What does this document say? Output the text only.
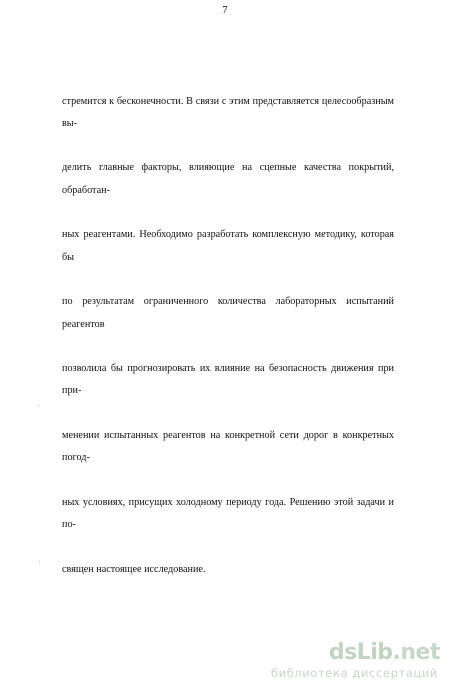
7

стремится к бесконечности. В связи с этим представляется целесообразным вы-

делить главные факторы, влияющие на сцепные качества покрытий, обработан-

ных реагентами. Необходимо разработать комплексную методику, которая бы

по результатам ограниченного количества лабораторных испытаний реагентов

позволила бы прогнозировать их влияние на безопасность движения при при-

менении испытанных реагентов на конкретной сети дорог в конкретных погод-

ных условиях, присущих холодному периоду года. Решению этой задачи и по-

священ настоящее исследование.

dsLib.net
библиотека диссертаций
